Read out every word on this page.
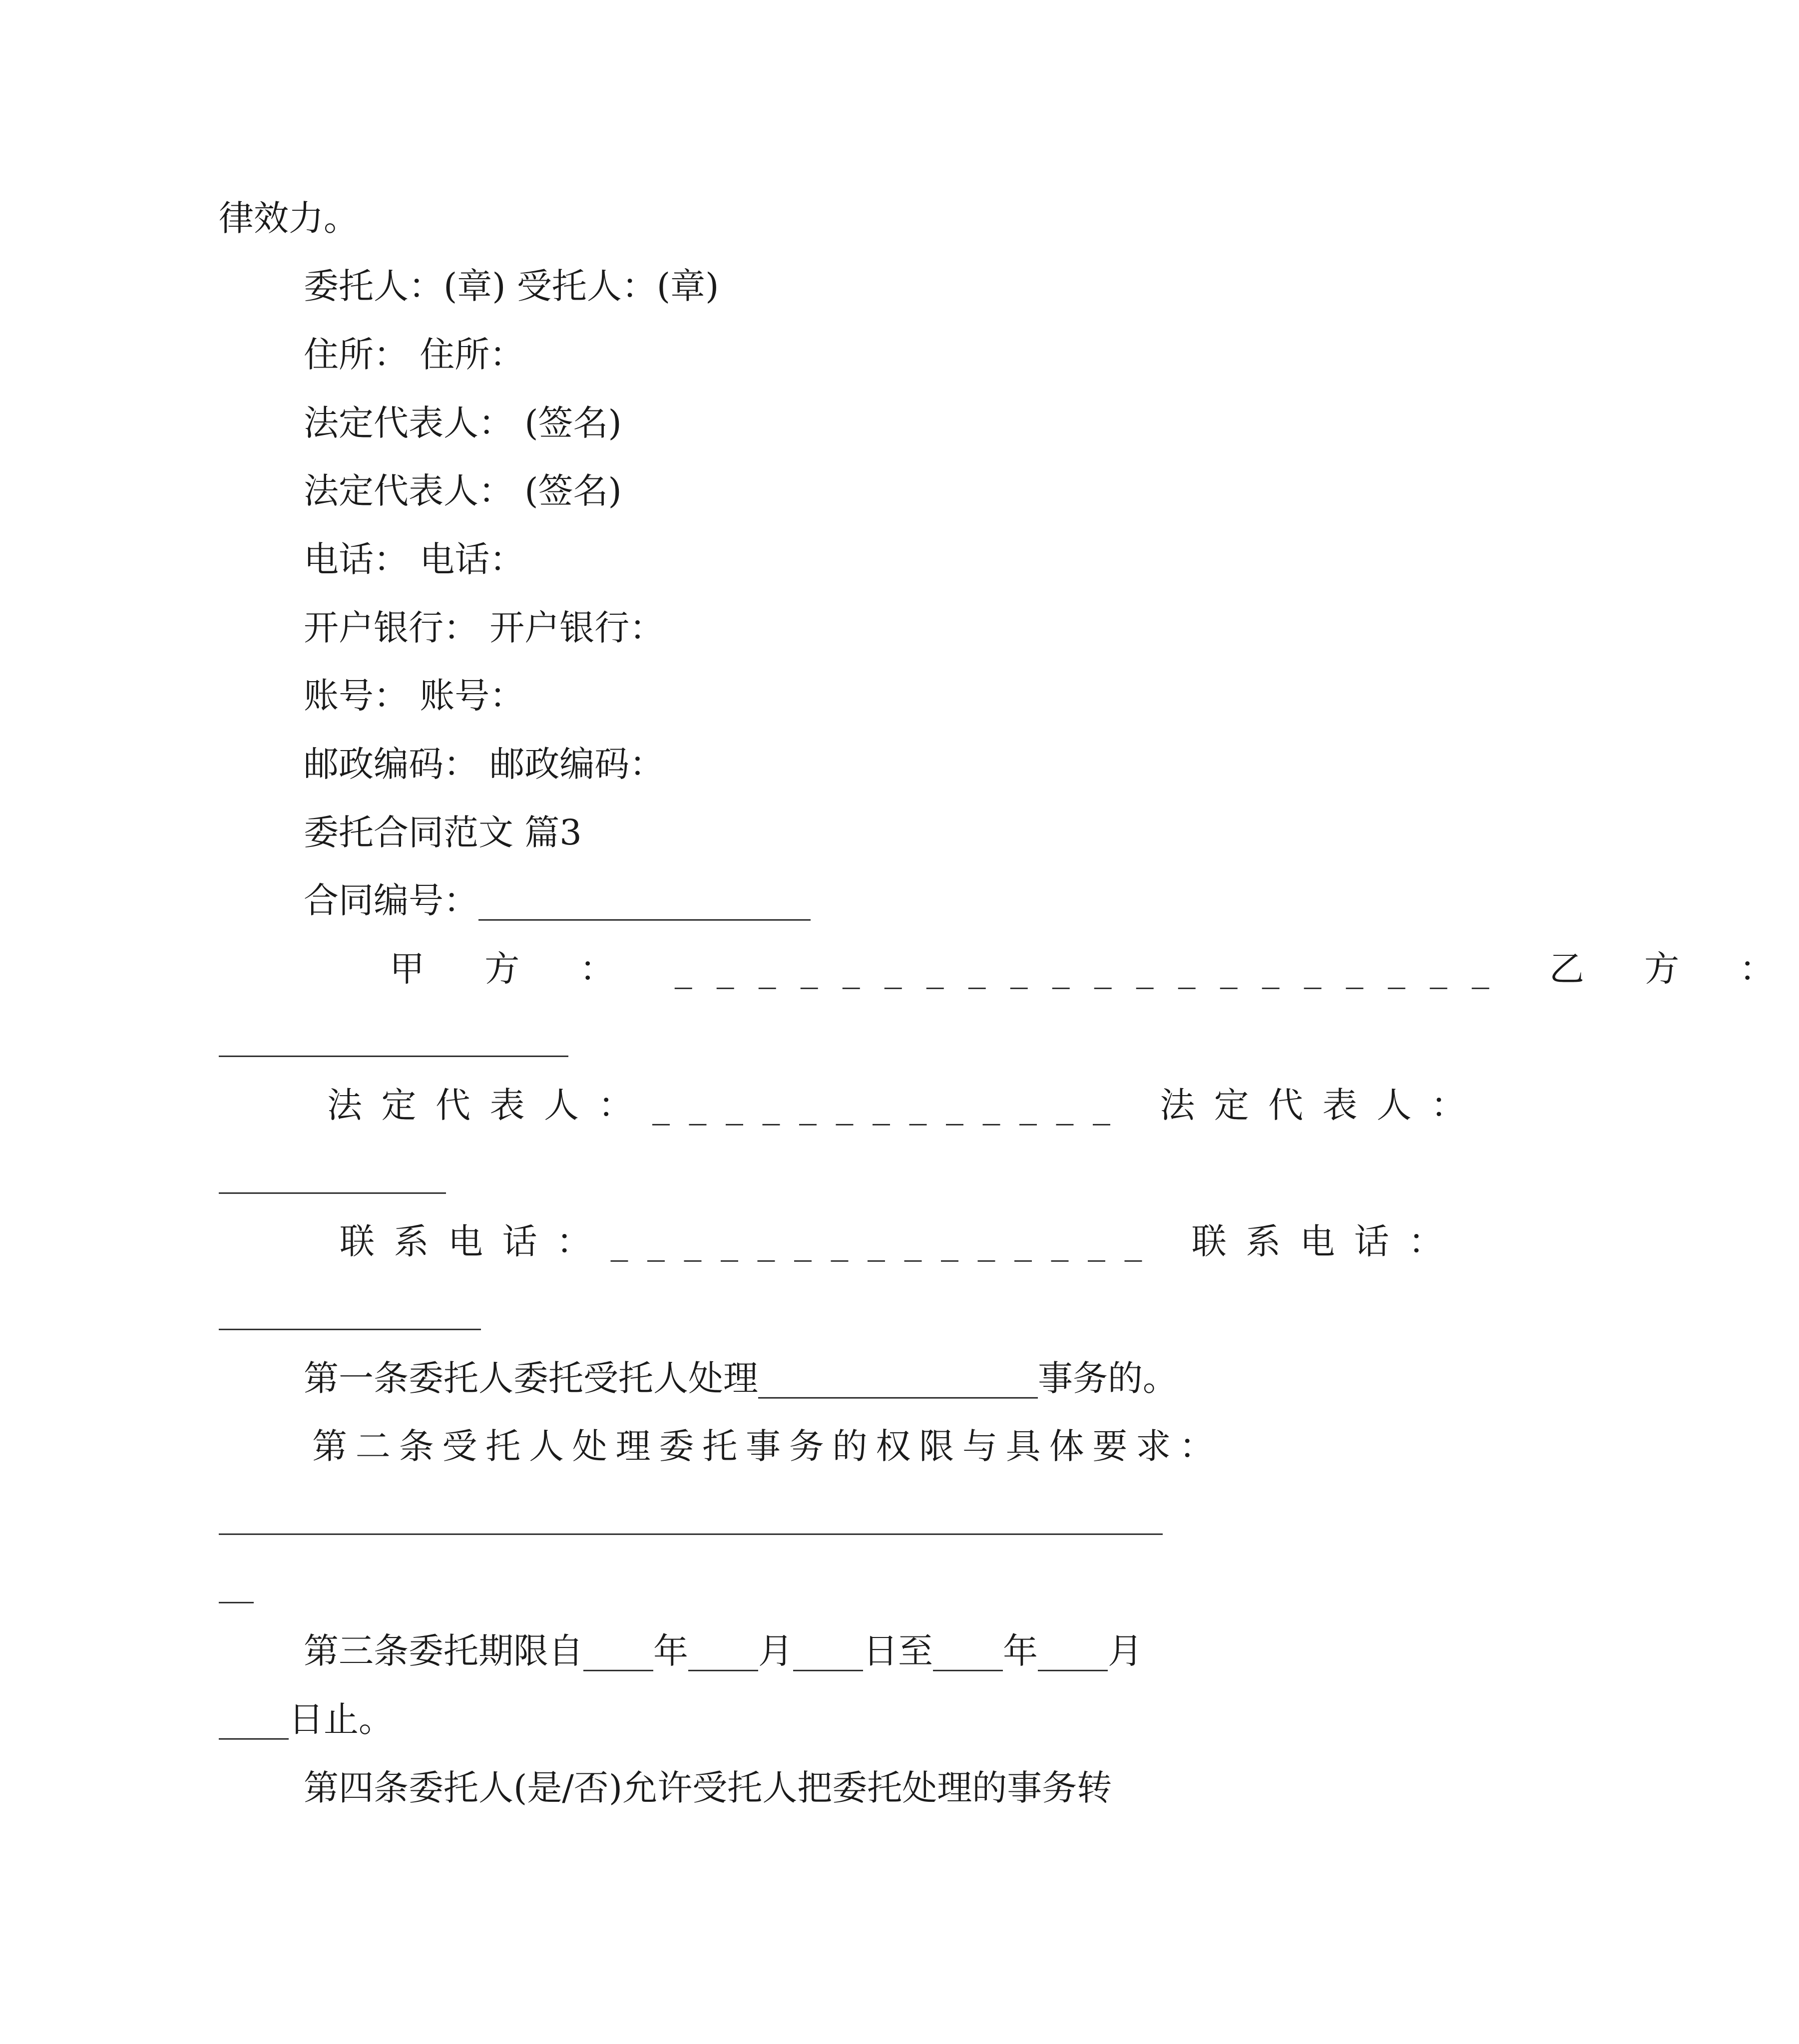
律效力。
委托人：(章) 受托人：(章)
住所： 住所：
法定代表人： (签名)
法定代表人： (签名)
电话： 电话：
开户银行： 开户银行：
账号： 账号：
邮政编码： 邮政编码：
委托合同范文 篇3
合同编号：___________________
甲 方 ： ____________________ 乙 方 ：
____________________
法定代表人：_____________ 法定代表人：
_____________
联系电话：_______________ 联系电话：
_______________
第一条委托人委托受托人处理________________事务的。
第二条受托人处理委托事务的权限与具体要求：
______________________________________________________
__
第三条委托期限自____年____月____日至____年____月
____日止。
第四条委托人(是/否)允许受托人把委托处理的事务转
